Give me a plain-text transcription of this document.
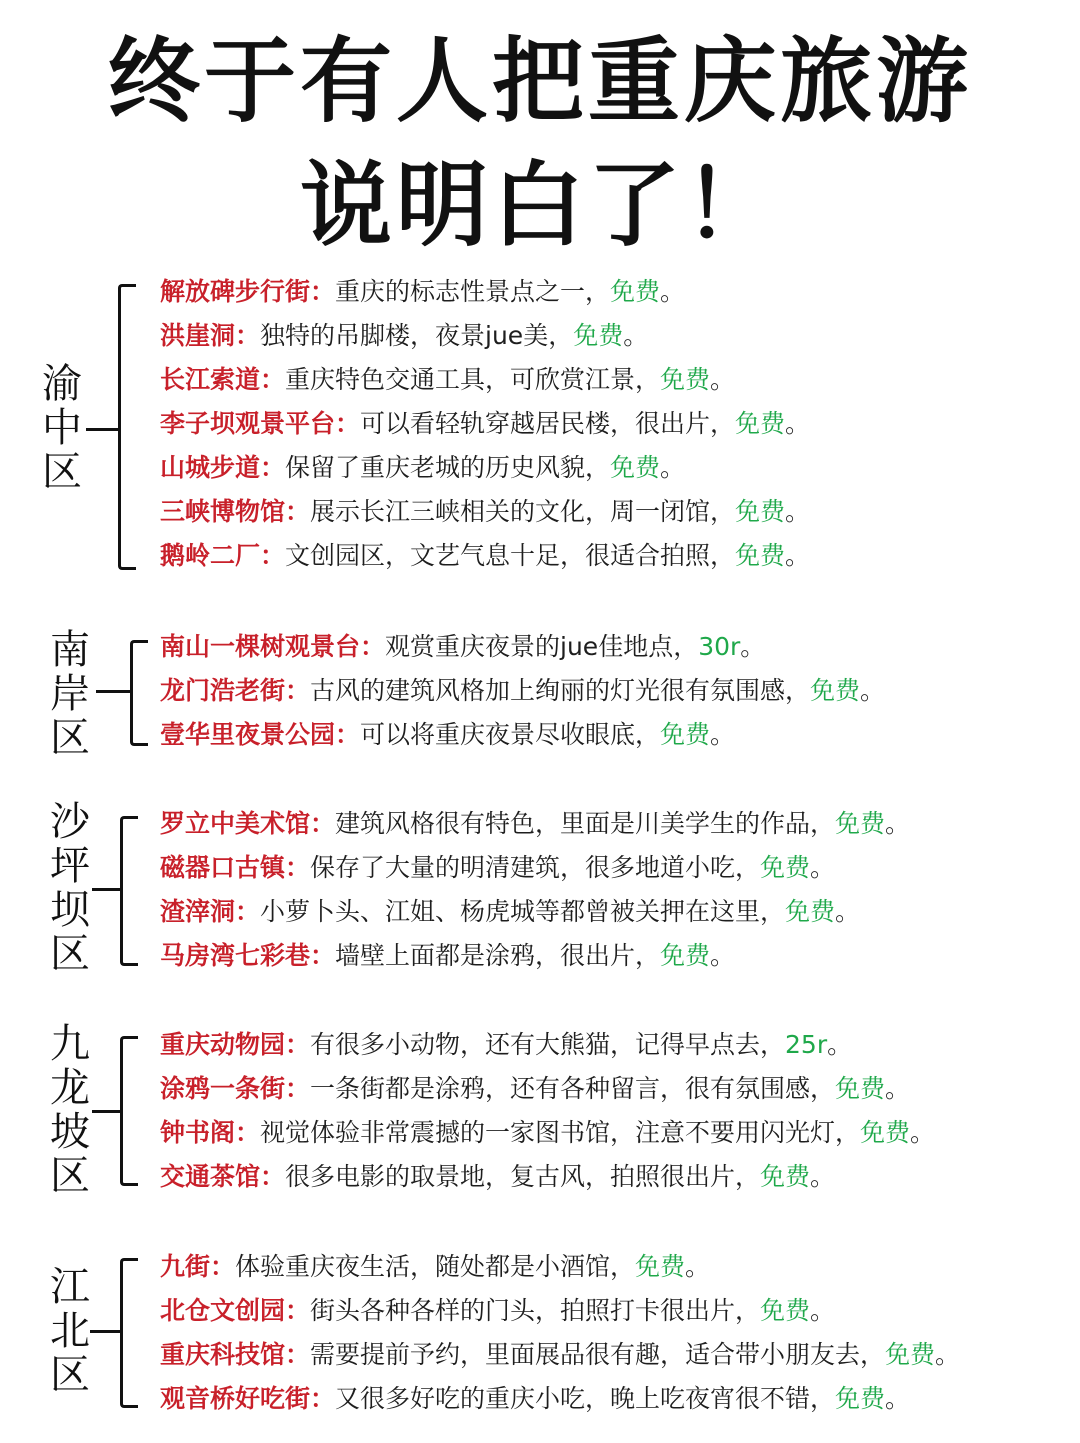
终于有人把重庆旅游
说明白了！
渝
中
区
解放碑步行街：重庆的标志性景点之一，免费。
洪崖洞：独特的吊脚楼，夜景jue美，免费。
长江索道：重庆特色交通工具，可欣赏江景，免费。
李子坝观景平台：可以看轻轨穿越居民楼，很出片，免费。
山城步道：保留了重庆老城的历史风貌，免费。
三峡博物馆：展示长江三峡相关的文化，周一闭馆，免费。
鹅岭二厂：文创园区，文艺气息十足，很适合拍照，免费。
南
岸
区
南山一棵树观景台：观赏重庆夜景的jue佳地点，30r。
龙门浩老街：古风的建筑风格加上绚丽的灯光很有氛围感，免费。
壹华里夜景公园：可以将重庆夜景尽收眼底，免费。
沙
坪
坝
区
罗立中美术馆：建筑风格很有特色，里面是川美学生的作品，免费。
磁器口古镇：保存了大量的明清建筑，很多地道小吃，免费。
渣滓洞：小萝卜头、江姐、杨虎城等都曾被关押在这里，免费。
马房湾七彩巷：墙壁上面都是涂鸦，很出片，免费。
九
龙
坡
区
重庆动物园：有很多小动物，还有大熊猫，记得早点去，25r。
涂鸦一条街：一条街都是涂鸦，还有各种留言，很有氛围感，免费。
钟书阁：视觉体验非常震撼的一家图书馆，注意不要用闪光灯，免费。
交通茶馆：很多电影的取景地，复古风，拍照很出片，免费。
江
北
区
九街：体验重庆夜生活，随处都是小酒馆，免费。
北仓文创园：街头各种各样的门头，拍照打卡很出片，免费。
重庆科技馆：需要提前予约，里面展品很有趣，适合带小朋友去，免费。
观音桥好吃街：又很多好吃的重庆小吃，晚上吃夜宵很不错，免费。
